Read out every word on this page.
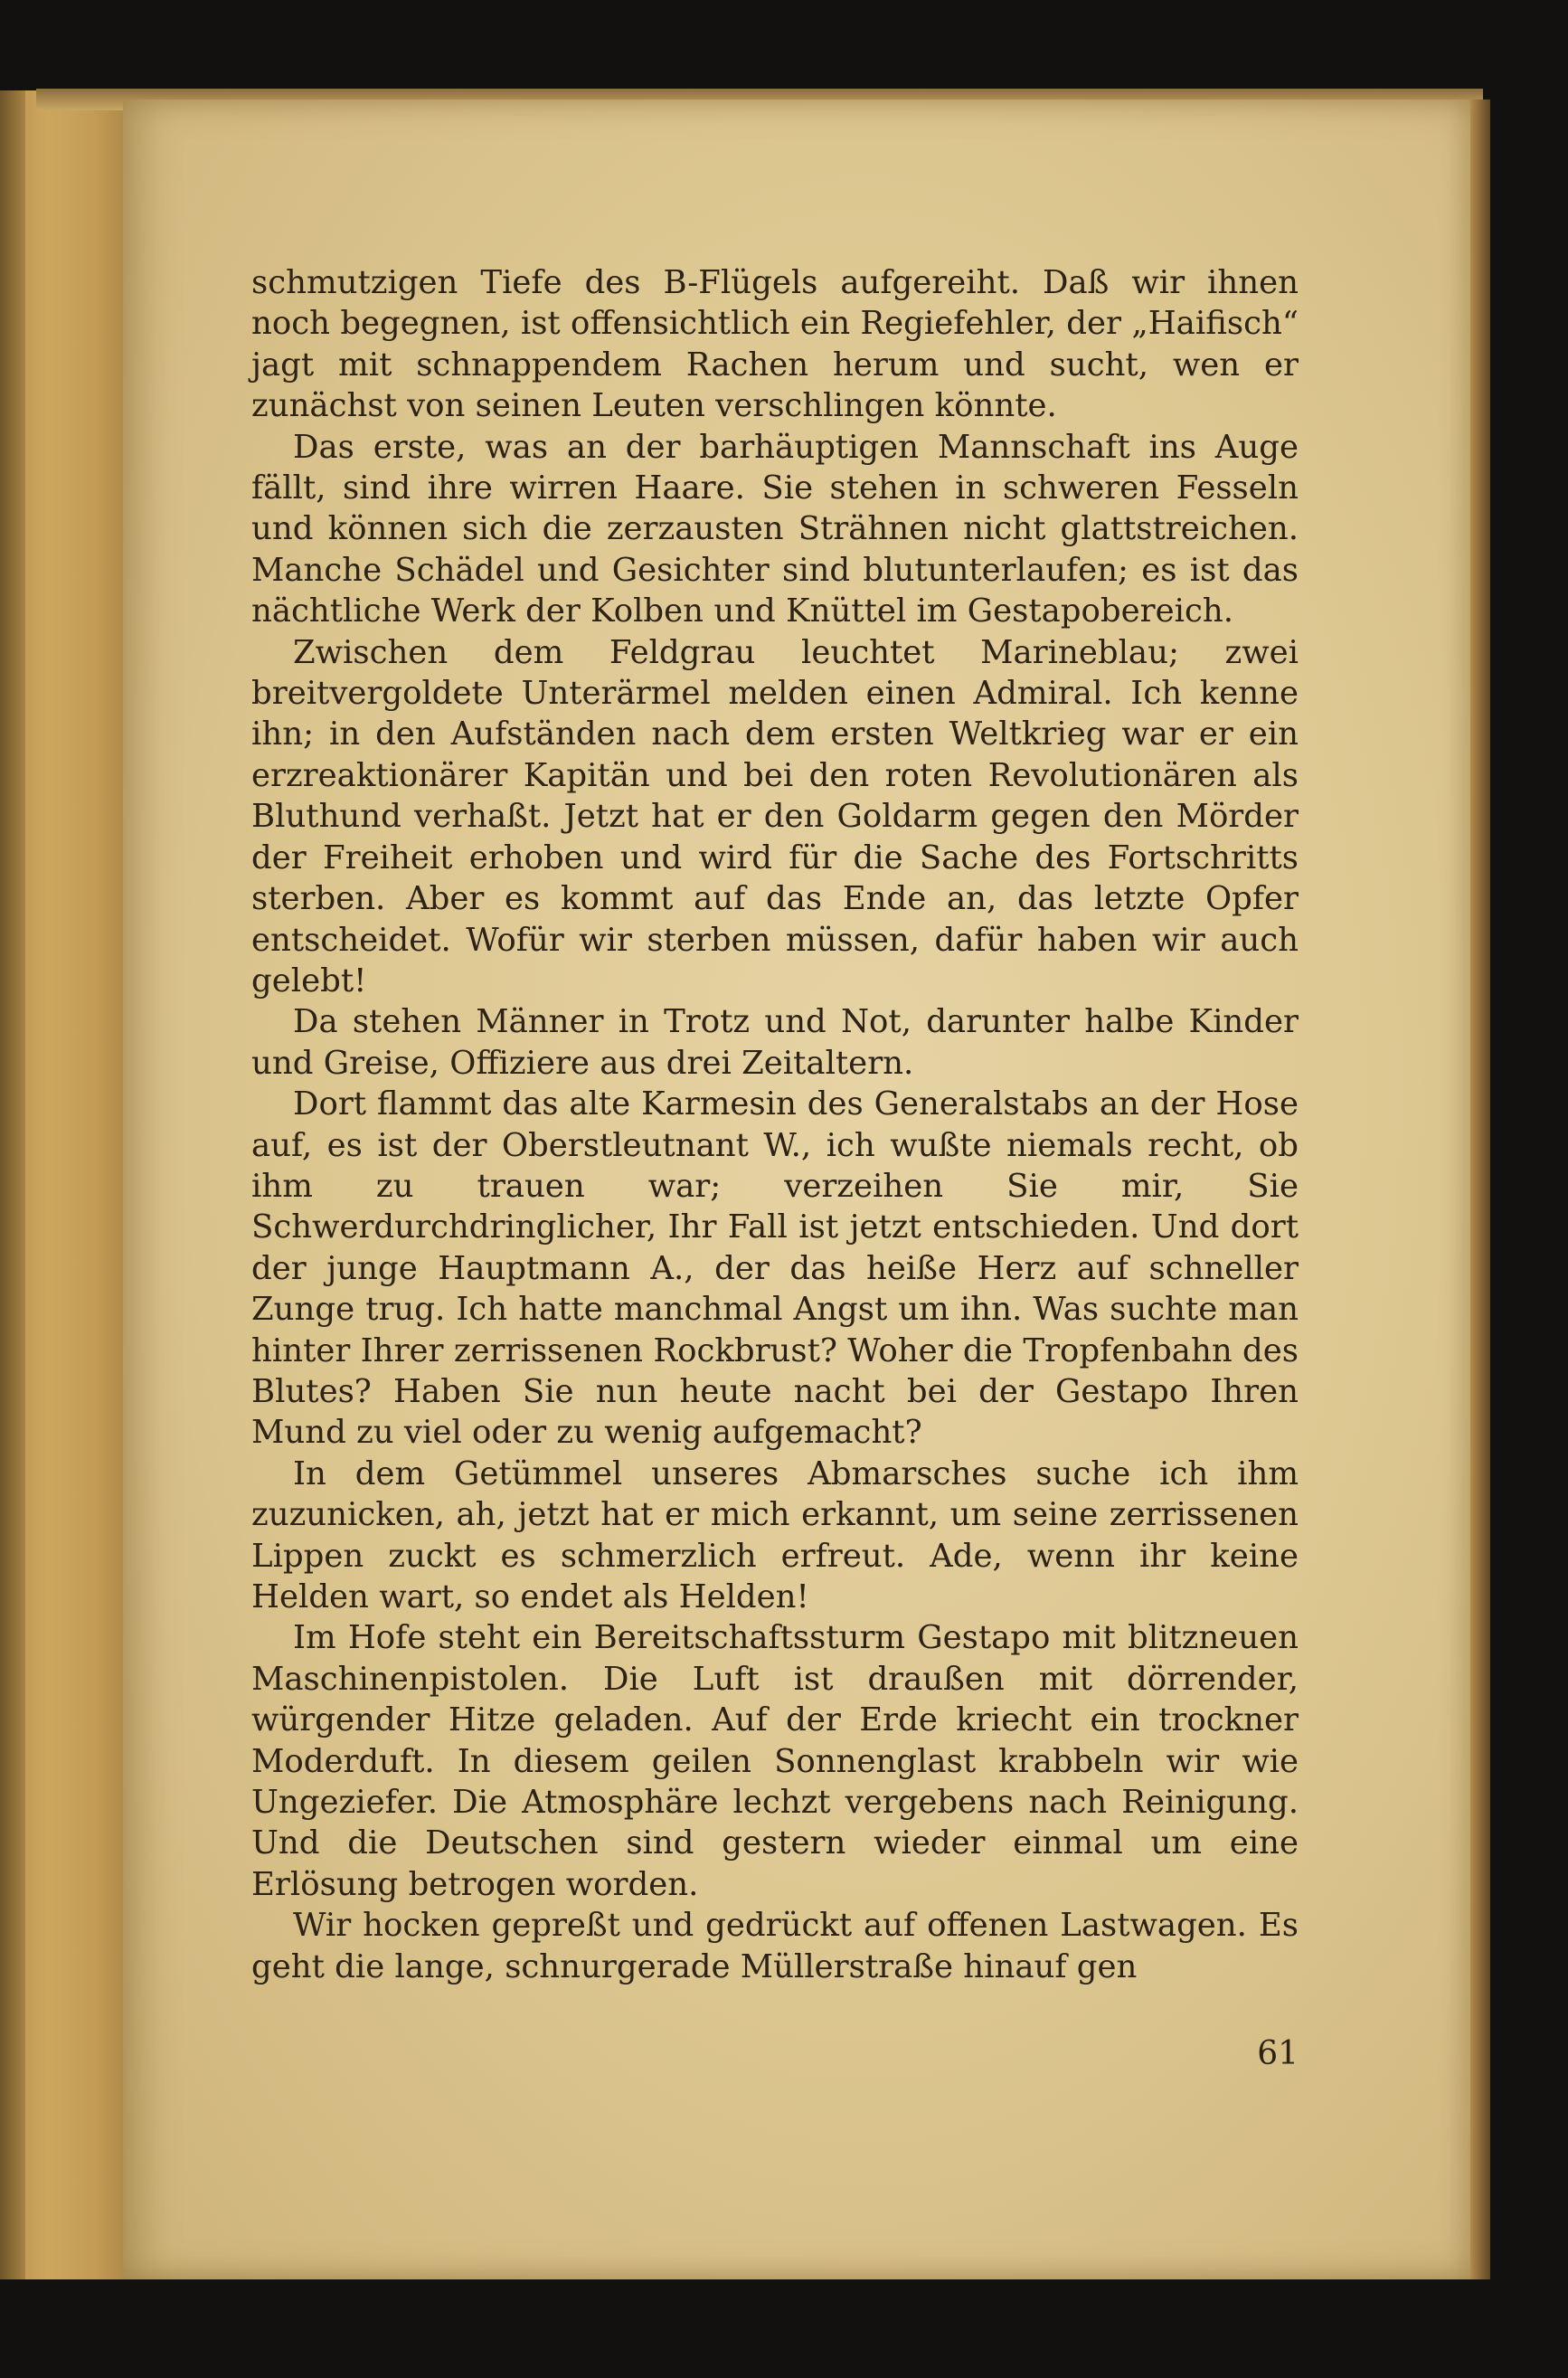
schmutzigen Tiefe des B-Flügels aufgereiht. Daß wir ihnen noch begegnen, ist offensichtlich ein Regiefehler, der „Haifisch“ jagt mit schnappendem Rachen herum und sucht, wen er zunächst von seinen Leuten verschlingen könnte.

Das erste, was an der barhäuptigen Mannschaft ins Auge fällt, sind ihre wirren Haare. Sie stehen in schweren Fesseln und können sich die zerzausten Strähnen nicht glattstreichen. Manche Schädel und Gesichter sind blutunterlaufen; es ist das nächtliche Werk der Kolben und Knüttel im Gestapobereich.

Zwischen dem Feldgrau leuchtet Marineblau; zwei breitvergoldete Unterärmel melden einen Admiral. Ich kenne ihn; in den Aufständen nach dem ersten Weltkrieg war er ein erzreaktionärer Kapitän und bei den roten Revolutionären als Bluthund verhaßt. Jetzt hat er den Goldarm gegen den Mörder der Freiheit erhoben und wird für die Sache des Fortschritts sterben. Aber es kommt auf das Ende an, das letzte Opfer entscheidet. Wofür wir sterben müssen, dafür haben wir auch gelebt!

Da stehen Männer in Trotz und Not, darunter halbe Kinder und Greise, Offiziere aus drei Zeitaltern.

Dort flammt das alte Karmesin des Generalstabs an der Hose auf, es ist der Oberstleutnant W., ich wußte niemals recht, ob ihm zu trauen war; verzeihen Sie mir, Sie Schwerdurchdringlicher, Ihr Fall ist jetzt entschieden. Und dort der junge Hauptmann A., der das heiße Herz auf schneller Zunge trug. Ich hatte manchmal Angst um ihn. Was suchte man hinter Ihrer zerrissenen Rockbrust? Woher die Tropfenbahn des Blutes? Haben Sie nun heute nacht bei der Gestapo Ihren Mund zu viel oder zu wenig aufgemacht?

In dem Getümmel unseres Abmarsches suche ich ihm zuzunicken, ah, jetzt hat er mich erkannt, um seine zerrissenen Lippen zuckt es schmerzlich erfreut. Ade, wenn ihr keine Helden wart, so endet als Helden!

Im Hofe steht ein Bereitschaftssturm Gestapo mit blitzneuen Maschinenpistolen. Die Luft ist draußen mit dörrender, würgender Hitze geladen. Auf der Erde kriecht ein trockner Moderduft. In diesem geilen Sonnenglast krabbeln wir wie Ungeziefer. Die Atmosphäre lechzt vergebens nach Reinigung. Und die Deutschen sind gestern wieder einmal um eine Erlösung betrogen worden.

Wir hocken gepreßt und gedrückt auf offenen Lastwagen. Es geht die lange, schnurgerade Müllerstraße hinauf gen

61
